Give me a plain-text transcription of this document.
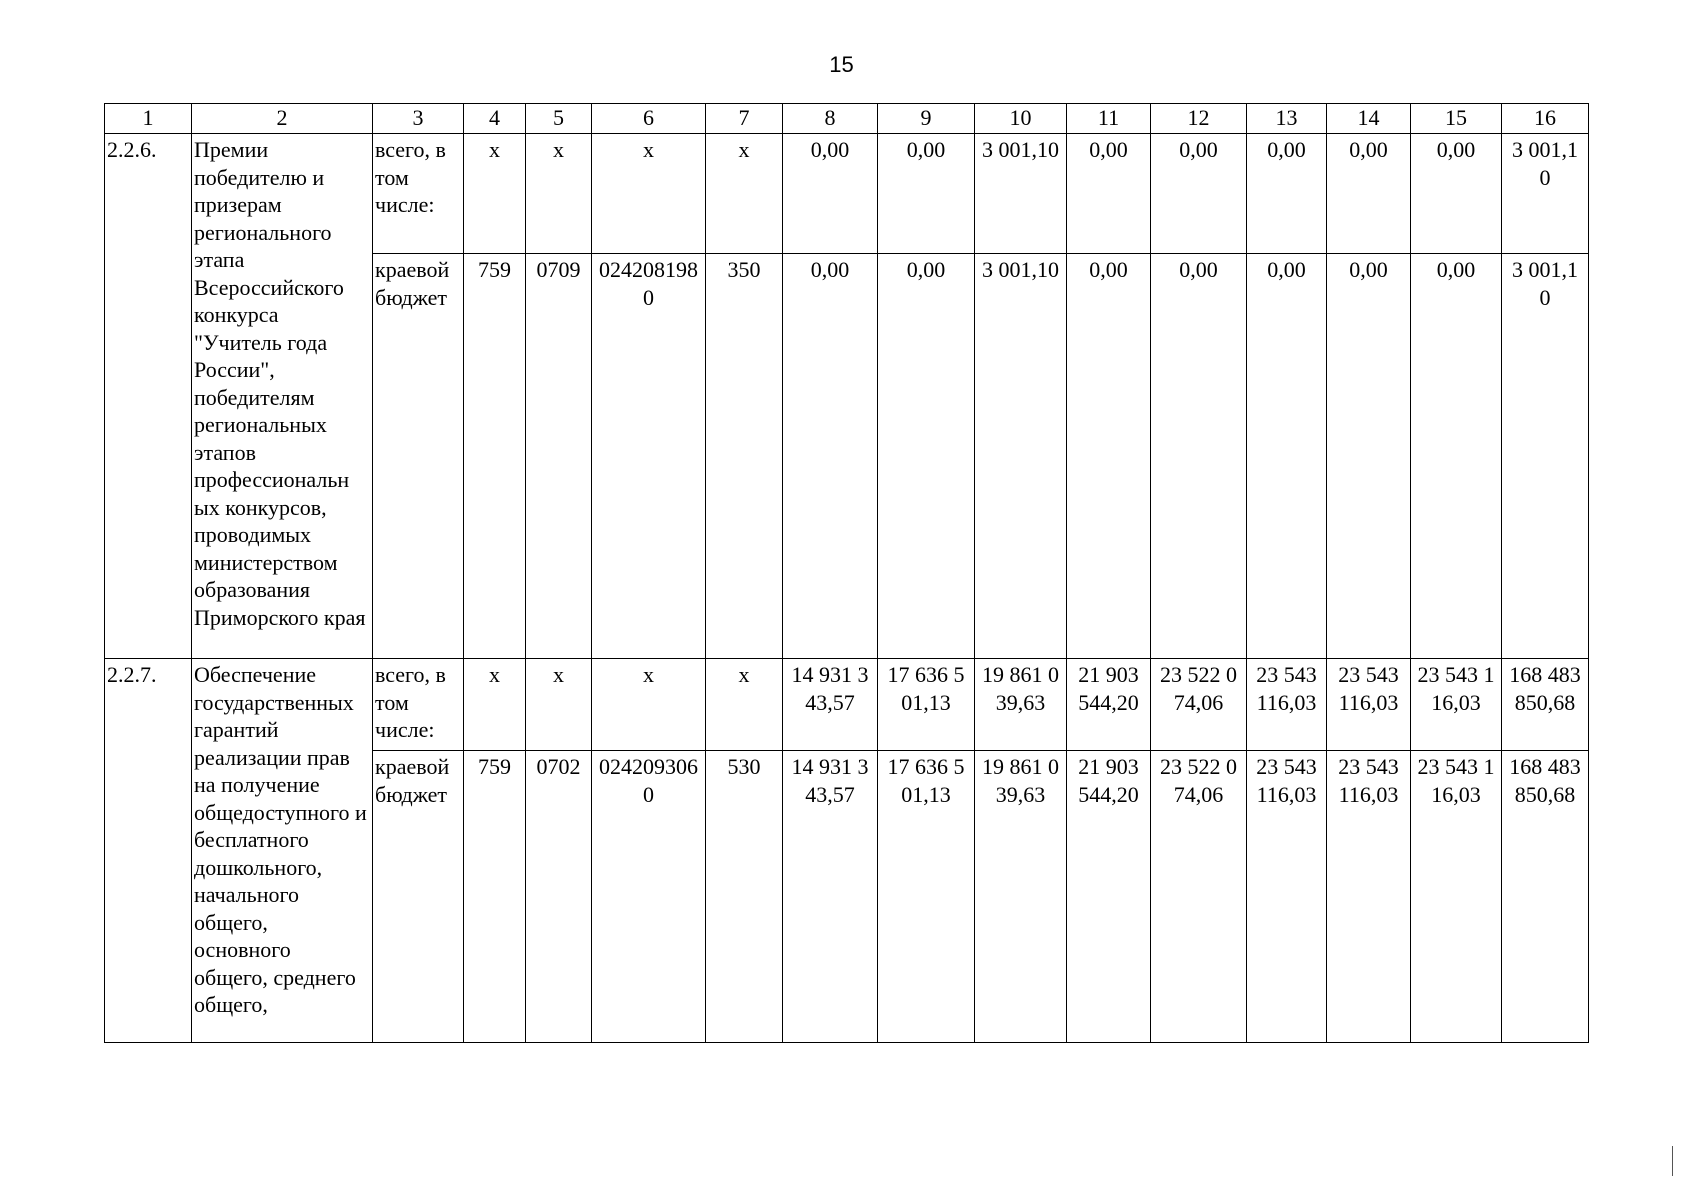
15
1	2	3	4	5	6	7	8	9	10	11	12	13	14	15	16
2.2.6.	Премии победителю и призерам регионального этапа Всероссийского конкурса "Учитель года России", победителям региональных этапов профессиональн ых конкурсов, проводимых министерством образования Приморского края	всего, в том числе:	x	x	x	x	0,00	0,00	3 001,10	0,00	0,00	0,00	0,00	0,00	3 001,1 0
		краевой бюджет	759	0709	024208198 0	350	0,00	0,00	3 001,10	0,00	0,00	0,00	0,00	0,00	3 001,1 0
2.2.7.	Обеспечение государственных гарантий реализации прав на получение общедоступного и бесплатного дошкольного, начального общего, основного общего, среднего общего,	всего, в том числе:	x	x	x	x	14 931 3 43,57	17 636 5 01,13	19 861 0 39,63	21 903 544,20	23 522 0 74,06	23 543 116,03	23 543 116,03	23 543 1 16,03	168 483 850,68
		краевой бюджет	759	0702	024209306 0	530	14 931 3 43,57	17 636 5 01,13	19 861 0 39,63	21 903 544,20	23 522 0 74,06	23 543 116,03	23 543 116,03	23 543 1 16,03	168 483 850,68
